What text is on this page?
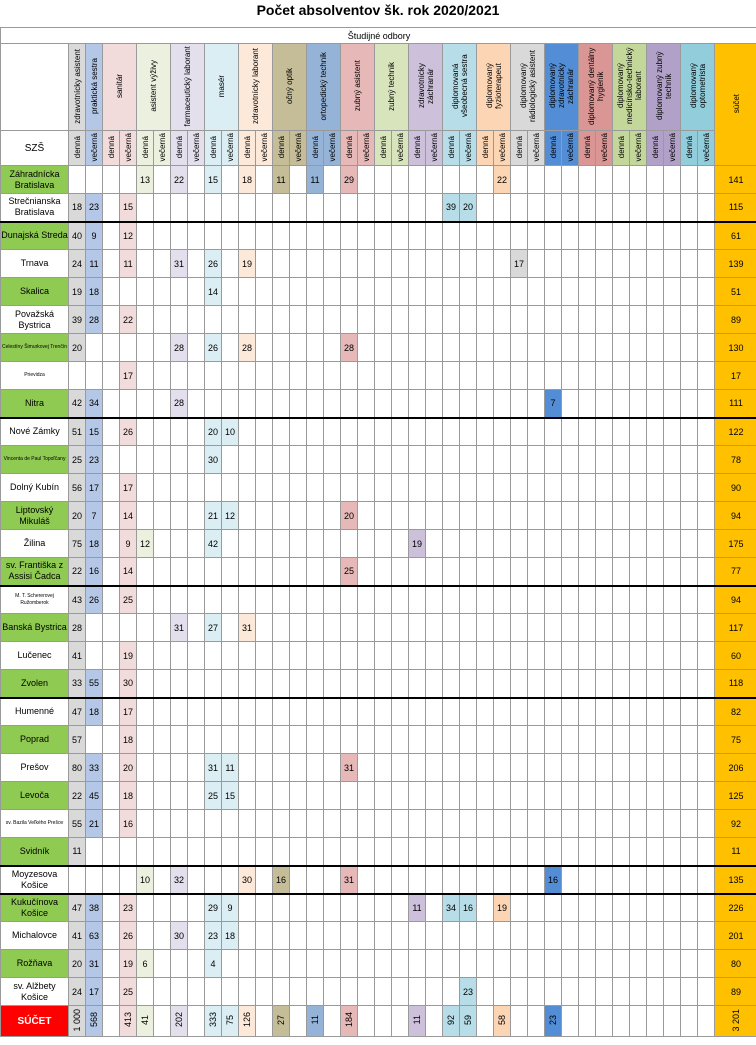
Počet absolventov šk. rok 2020/2021

Študijné odbory																																							
	zdravotnícky asistent	praktická sestra	sanitár		asistent výživy		farmaceutický laborant		masér		zdravotnícky laborant		očný optik		ortopedický technik		zubný asistent		zubný technik		zdravotnícky záchranár		diplomovaná všeobecná sestra		diplomovaný fyzioterapeut		diplomovaný rádiologický asistent		diplomovaný zdravotnícky záchranár		diplomovaný dentálny hygienik		diplomovaný medicínsko-technický laborant		diplomovaný zubný technik		diplomovaný optometrista		súčet
SZŠ	denná	večerná	denná	večerná	denná	večerná	denná	večerná	denná	večerná	denná	večerná	denná	večerná	denná	večerná	denná	večerná	denná	večerná	denná	večerná	denná	večerná	denná	večerná	denná	večerná	denná	večerná	denná	večerná	denná	večerná	denná	večerná	denná	večerná	
Záhradnícka Bratislava					13		22		15		18		11		11		29									22													141
Strečnianska Bratislava	18	23		15																			39	20															115
Dunajská Streda	40	9		12																																			61
Trnava	24	11		11			31		26		19																17												139
Skalica	19	18							14																														51
Považská Bystrica	39	28		22																																			89
Celestíny Šimurkovej Trenčín	20						28		26		28						28																						130
Prievidza				17																																			17
Nitra	42	34					28																						7										111
Nové Zámky	51	15		26					20	10																													122
Vincenta de Paul Topoľčany	25	23							30																														78
Dolný Kubín	56	17		17																																			90
Liptovský Mikuláš	20	7		14					21	12							20																						94
Žilina	75	18		9	12				42												19																		175
sv. Františka z Assisi Čadca	22	16		14													25																						77
M. T. Schererovej Ružomberok	43	26		25																																			94
Banská Bystrica	28						31		27		31																												117
Lučenec	41			19																																			60
Zvolen	33	55		30																																			118
Humenné	47	18		17																																			82
Poprad	57			18																																			75
Prešov	80	33		20					31	11							31																						206
Levoča	22	45		18					25	15																													125
sv. Bazila Veľkého Prešov	55	21		16																																			92
Svidník	11																																						11
Moyzesova Košice					10		32				30		16				31												16										135
Kukučínova Košice	47	38		23					29	9											11		34	16		19													226
Michalovce	41	63		26			30		23	18																													201
Rožňava	20	31		19	6				4																														80
sv. Alžbety Košice	24	17		25																				23															89
SÚČET	1 000	568		413	41		202		333	75	126		27		11		184				11		92	59		58			23										3 201
